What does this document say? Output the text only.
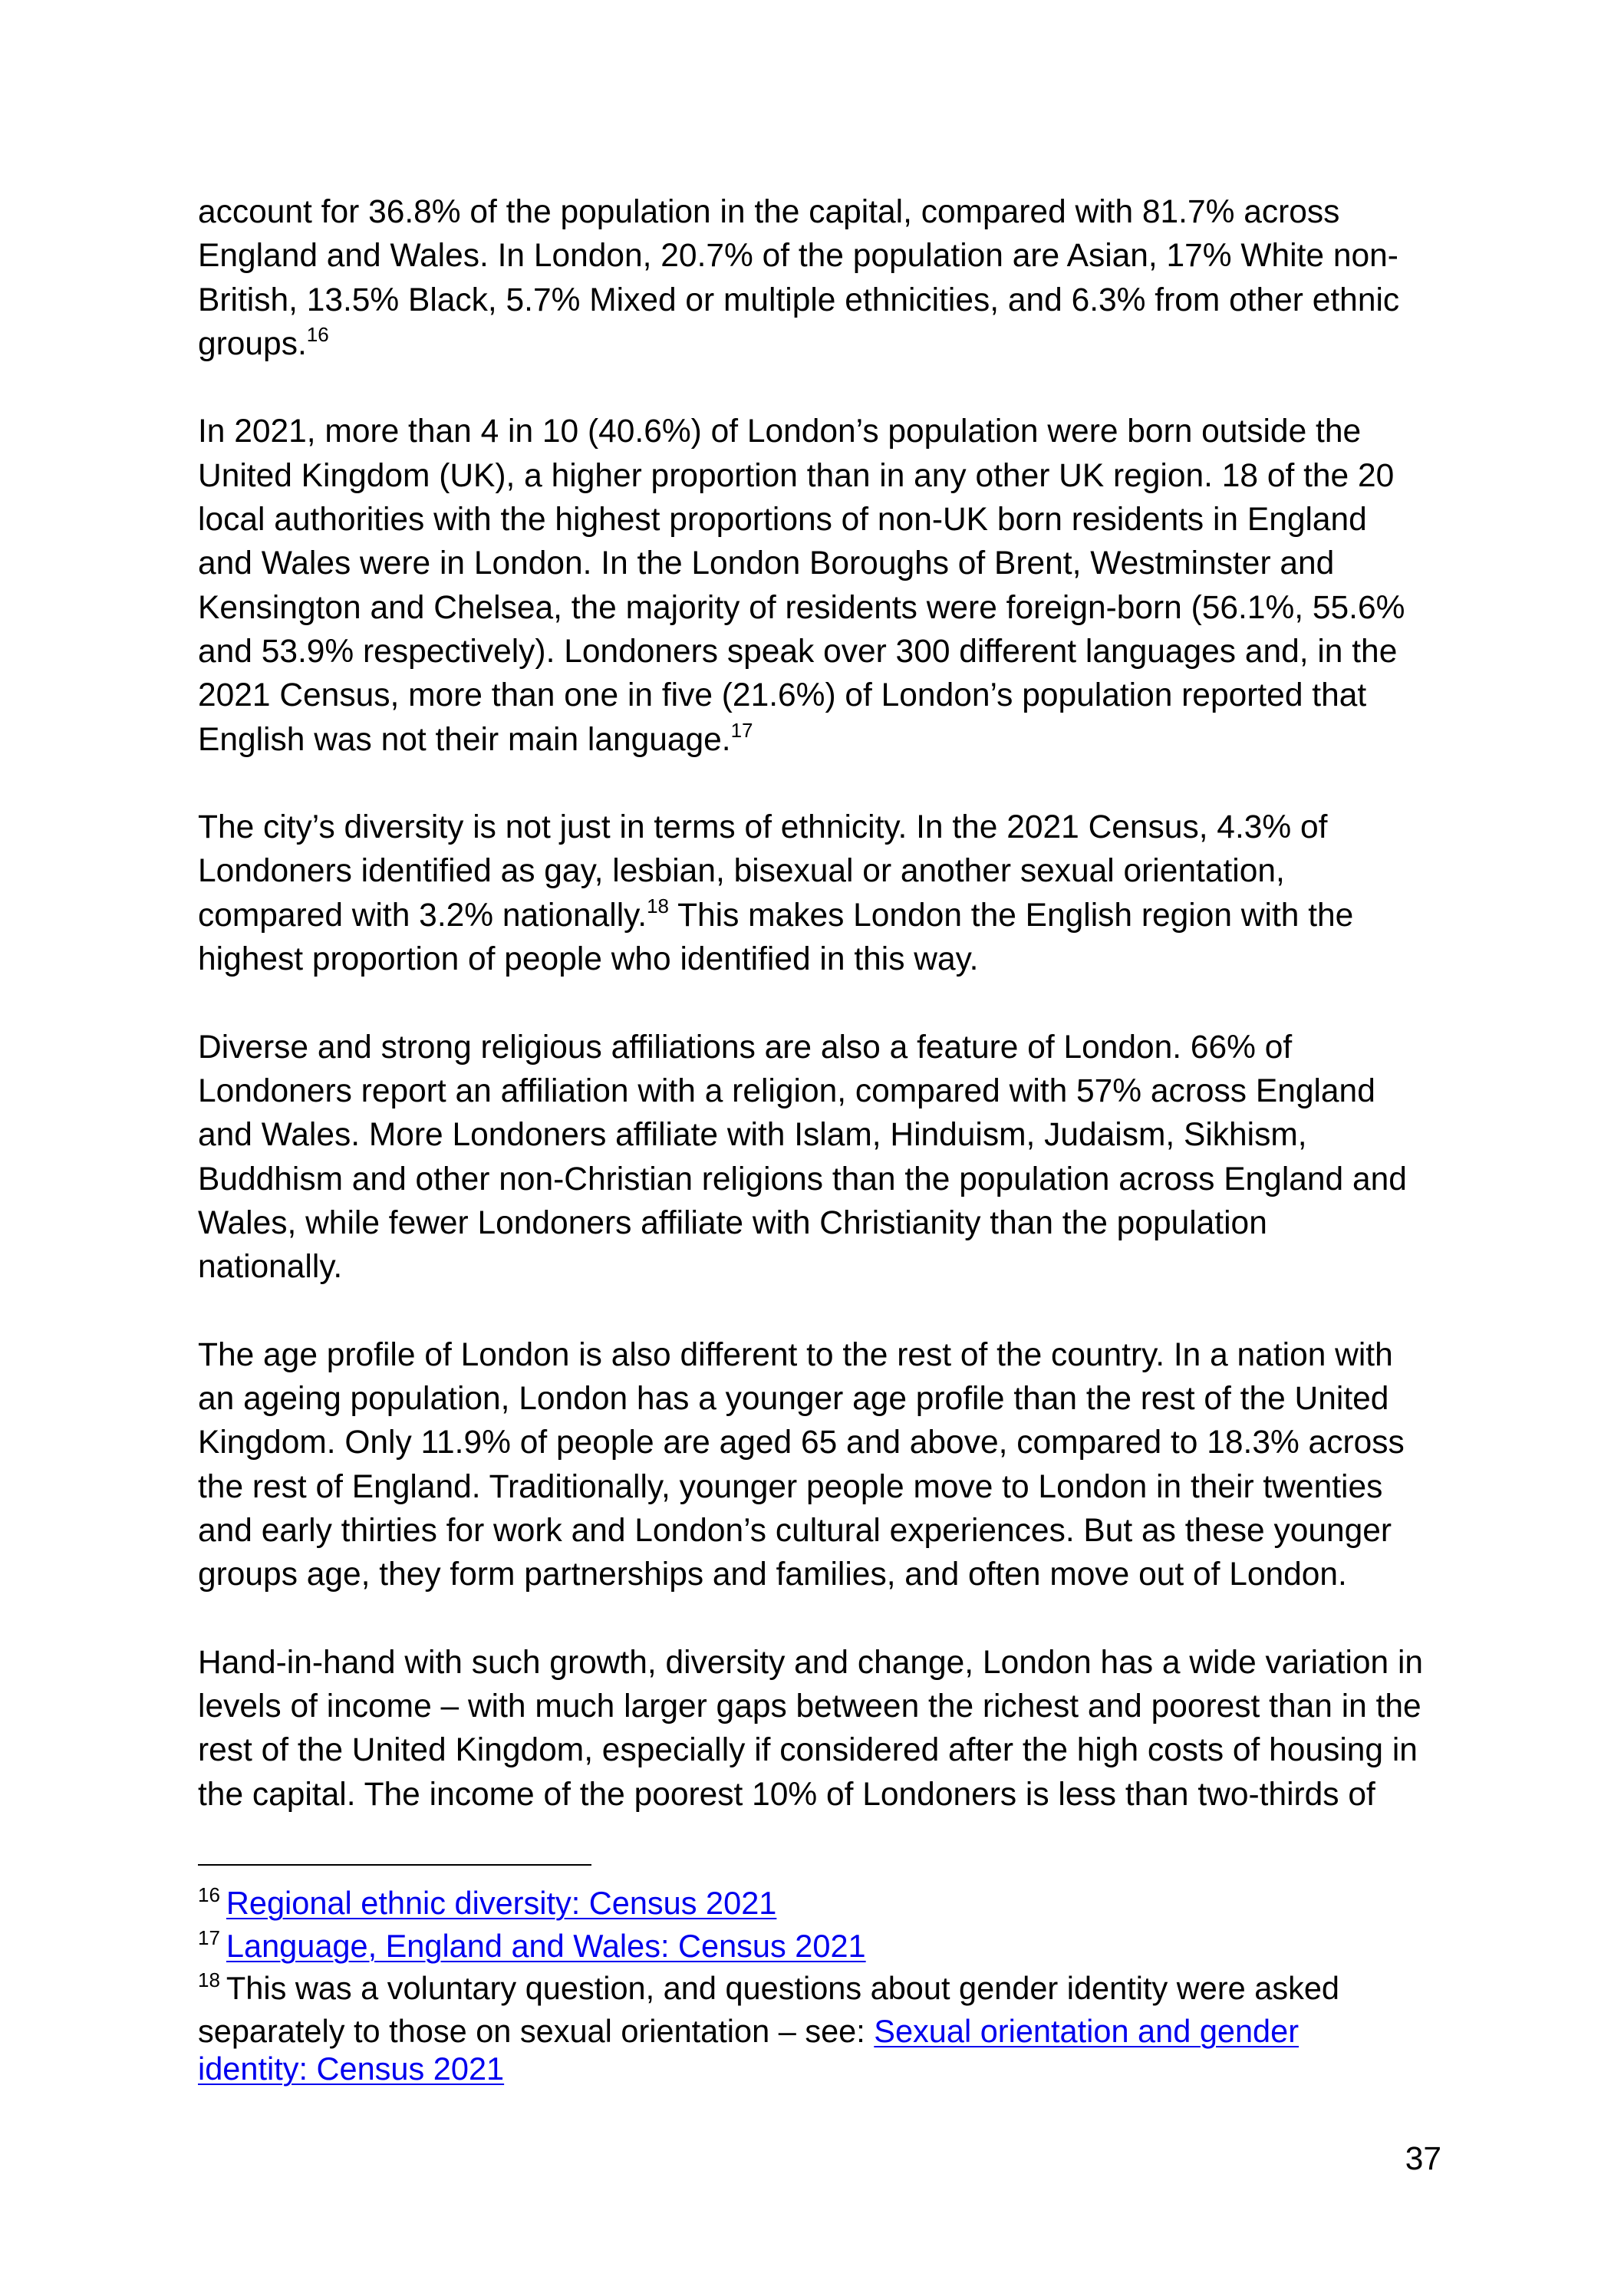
account for 36.8% of the population in the capital, compared with 81.7% across
England and Wales. In London, 20.7% of the population are Asian, 17% White non-
British, 13.5% Black, 5.7% Mixed or multiple ethnicities, and 6.3% from other ethnic
groups.$^{16}$

In 2021, more than 4 in 10 (40.6%) of London’s population were born outside the
United Kingdom (UK), a higher proportion than in any other UK region. 18 of the 20
local authorities with the highest proportions of non-UK born residents in England
and Wales were in London. In the London Boroughs of Brent, Westminster and
Kensington and Chelsea, the majority of residents were foreign-born (56.1%, 55.6%
and 53.9% respectively). Londoners speak over 300 different languages and, in the
2021 Census, more than one in five (21.6%) of London’s population reported that
English was not their main language.$^{17}$

The city’s diversity is not just in terms of ethnicity. In the 2021 Census, 4.3% of
Londoners identified as gay, lesbian, bisexual or another sexual orientation,
compared with 3.2% nationally.$^{18}$ This makes London the English region with the
highest proportion of people who identified in this way.

Diverse and strong religious affiliations are also a feature of London. 66% of
Londoners report an affiliation with a religion, compared with 57% across England
and Wales. More Londoners affiliate with Islam, Hinduism, Judaism, Sikhism,
Buddhism and other non-Christian religions than the population across England and
Wales, while fewer Londoners affiliate with Christianity than the population
nationally.

The age profile of London is also different to the rest of the country. In a nation with
an ageing population, London has a younger age profile than the rest of the United
Kingdom. Only 11.9% of people are aged 65 and above, compared to 18.3% across
the rest of England. Traditionally, younger people move to London in their twenties
and early thirties for work and London’s cultural experiences. But as these younger
groups age, they form partnerships and families, and often move out of London.

Hand-in-hand with such growth, diversity and change, London has a wide variation in
levels of income – with much larger gaps between the richest and poorest than in the
rest of the United Kingdom, especially if considered after the high costs of housing in
the capital. The income of the poorest 10% of Londoners is less than two-thirds of

$^{16}$ Regional ethnic diversity: Census 2021

$^{17}$ Language, England and Wales: Census 2021

$^{18}$ This was a voluntary question, and questions about gender identity were asked
separately to those on sexual orientation – see: Sexual orientation and gender
identity: Census 2021

37
